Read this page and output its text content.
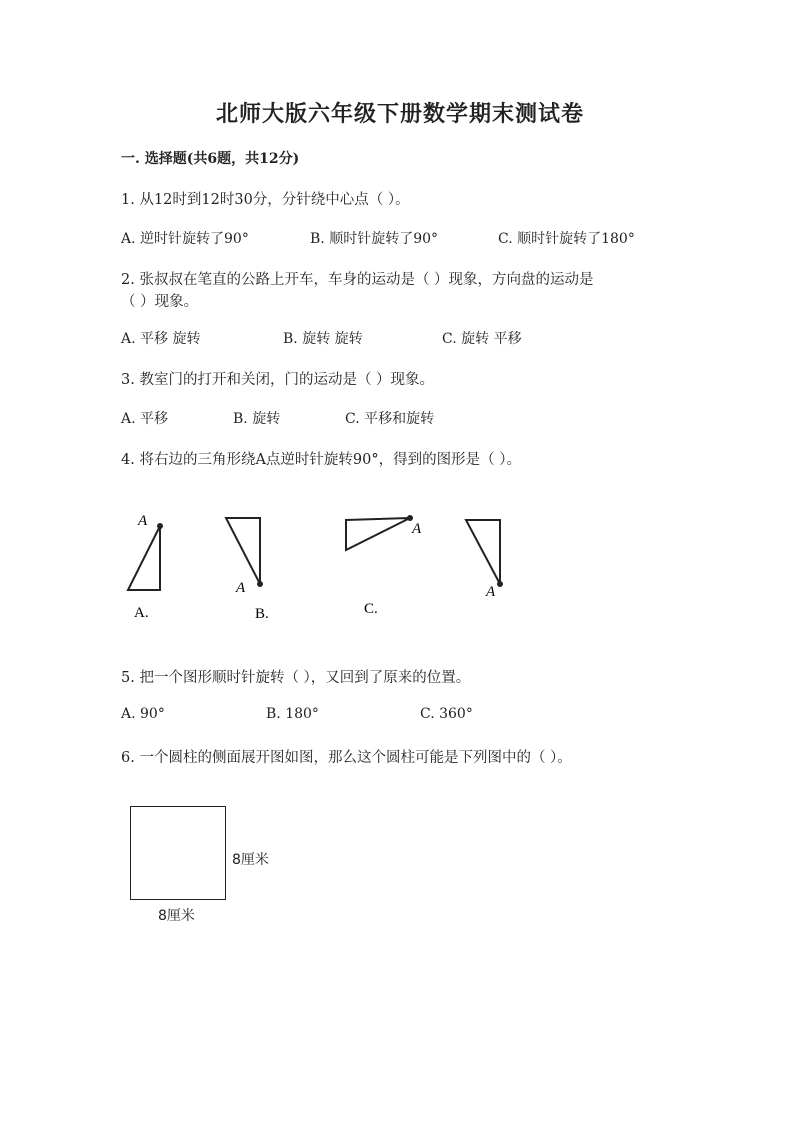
北师大版六年级下册数学期末测试卷
一. 选择题(共6题，共12分)
1. 从12时到12时30分，分针绕中心点（ ）。
A. 逆时针旋转了90°	B. 顺时针旋转了90°	C. 顺时针旋转了180°
2. 张叔叔在笔直的公路上开车，车身的运动是（ ）现象，方向盘的运动是
（ ）现象。
A. 平移 旋转	B. 旋转 旋转	C. 旋转 平移
3. 教室门的打开和关闭，门的运动是（ ）现象。
A. 平移	B. 旋转	C. 平移和旋转
4. 将右边的三角形绕A点逆时针旋转90°，得到的图形是（ ）。
A
A.
A
B.
A
C.
A
5. 把一个图形顺时针旋转（ ），又回到了原来的位置。
A. 90°	B. 180°	C. 360°
6. 一个圆柱的侧面展开图如图，那么这个圆柱可能是下列图中的（ ）。
8厘米
8厘米
